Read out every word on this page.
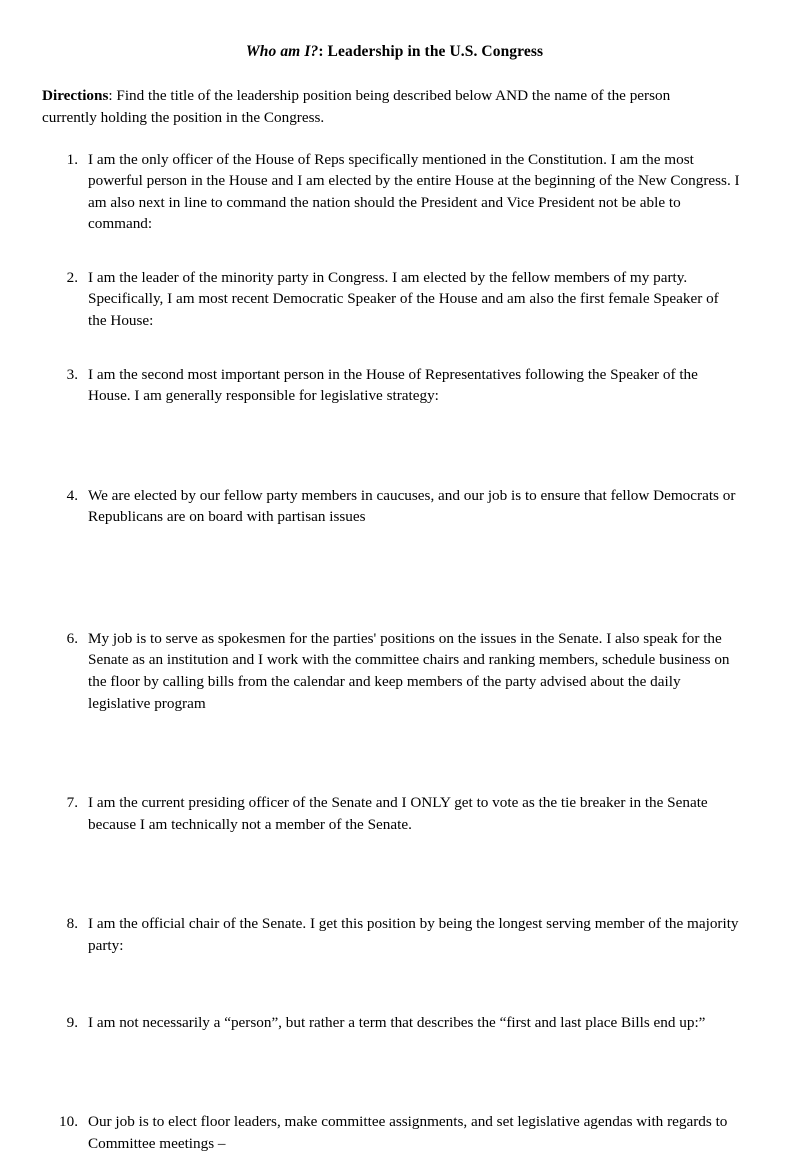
Who am I?: Leadership in the U.S. Congress

Directions: Find the title of the leadership position being described below AND the name of the person currently holding the position in the Congress.

1. I am the only officer of the House of Reps specifically mentioned in the Constitution. I am the most powerful person in the House and I am elected by the entire House at the beginning of the New Congress. I am also next in line to command the nation should the President and Vice President not be able to command:
2. I am the leader of the minority party in Congress. I am elected by the fellow members of my party. Specifically, I am most recent Democratic Speaker of the House and am also the first female Speaker of the House:
3. I am the second most important person in the House of Representatives following the Speaker of the House. I am generally responsible for legislative strategy:
4. We are elected by our fellow party members in caucuses, and our job is to ensure that fellow Democrats or Republicans are on board with partisan issues
6. My job is to serve as spokesmen for the parties' positions on the issues in the Senate. I also speak for the Senate as an institution and I work with the committee chairs and ranking members, schedule business on the floor by calling bills from the calendar and keep members of the party advised about the daily legislative program
7. I am the current presiding officer of the Senate and I ONLY get to vote as the tie breaker in the Senate because I am technically not a member of the Senate.
8. I am the official chair of the Senate. I get this position by being the longest serving member of the majority party:
9. I am not necessarily a “person”, but rather a term that describes the “first and last place Bills end up:”
10. Our job is to elect floor leaders, make committee assignments, and set legislative agendas with regards to Committee meetings –
